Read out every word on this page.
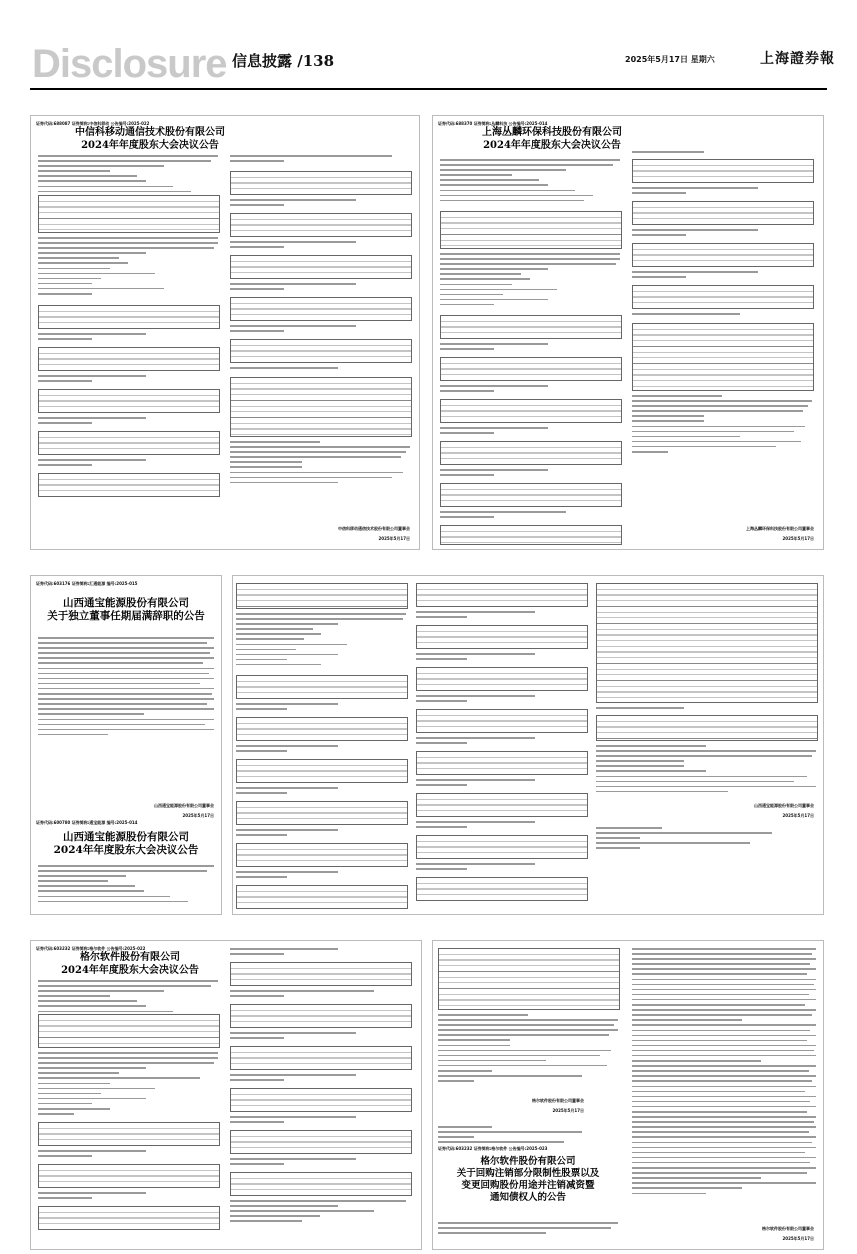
Disclosure 信息披露 /138	2025年5月17日 星期六	上海證券報
证券代码:688087 证券简称:中信科移动 公告编号:2025-022
中信科移动通信技术股份有限公司
2024年年度股东大会决议公告
中信科移动通信技术股份有限公司董事会
2025年5月17日
证券代码:688370 证券简称:丛麟科技 公告编号:2025-014
上海丛麟环保科技股份有限公司
2024年年度股东大会决议公告
上海丛麟环保科技股份有限公司董事会
2025年5月17日
证券代码:603176 证券简称:汇通能源 编号:2025-015
山西通宝能源股份有限公司
关于独立董事任期届满辞职的公告
山西通宝能源股份有限公司董事会
2025年5月17日
证券代码:600780 证券简称:通宝能源 编号:2025-014
山西通宝能源股份有限公司
2024年年度股东大会决议公告
山西通宝能源股份有限公司董事会
2025年5月17日
证券代码:603232 证券简称:格尔软件 公告编号:2025-022
格尔软件股份有限公司
2024年年度股东大会决议公告
格尔软件股份有限公司董事会
2025年5月17日
证券代码:603232 证券简称:格尔软件 公告编号:2025-023
格尔软件股份有限公司
关于回购注销部分限制性股票以及
变更回购股份用途并注销减资暨
通知债权人的公告
格尔软件股份有限公司董事会
2025年5月17日
